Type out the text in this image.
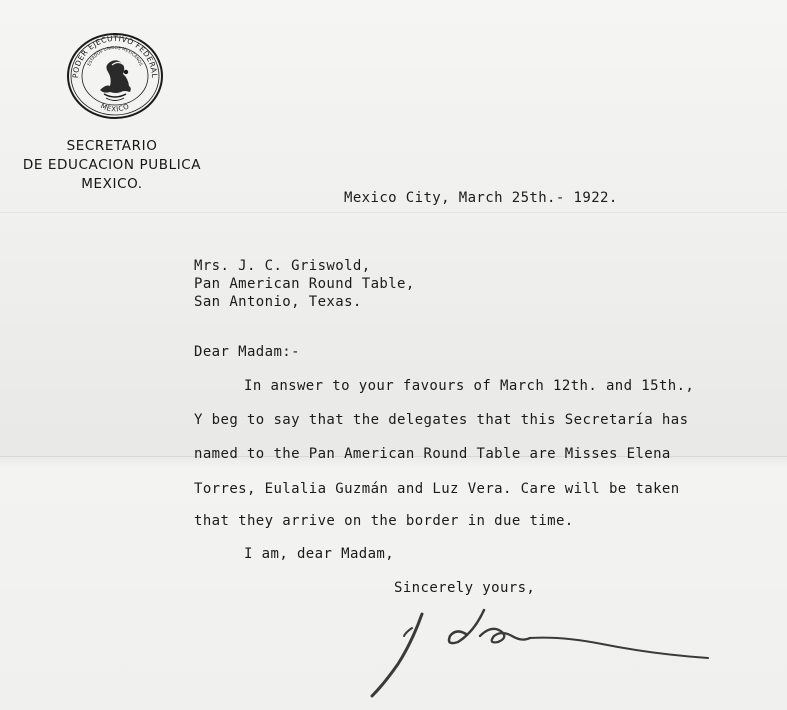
PODER EJECUTIVO FEDERAL
ESTADOS UNIDOS MEXICANOS
MEXICO
SECRETARIO
DE EDUCACION PUBLICA
MEXICO.
Mexico City, March 25th.- 1922.
Mrs. J. C. Griswold,
Pan American Round Table,
San Antonio, Texas.
Dear Madam:-
In answer to your favours of March 12th. and 15th.,
Y beg to say that the delegates that this Secretaría has
named to the Pan American Round Table are Misses Elena
Torres, Eulalia Guzmán and Luz Vera. Care will be taken
that they arrive on the border in due time.
I am, dear Madam,
Sincerely yours,
